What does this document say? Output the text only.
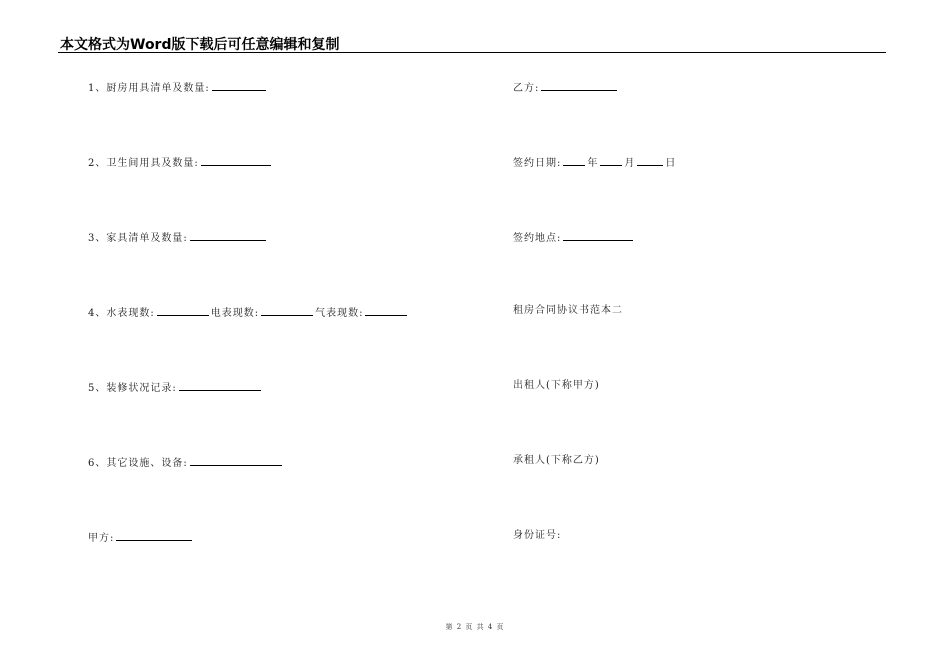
本文格式为Word版下载后可任意编辑和复制
1、厨房用具清单及数量:
2、卫生间用具及数量:
3、家具清单及数量:
4、水表现数:	电表现数:	气表现数:
5、装修状况记录:
6、其它设施、设备:
甲方:
乙方:
签约日期:	年	月	日
签约地点:
租房合同协议书范本二
出租人(下称甲方)
承租人(下称乙方)
身份证号:
第 2 页 共 4 页
